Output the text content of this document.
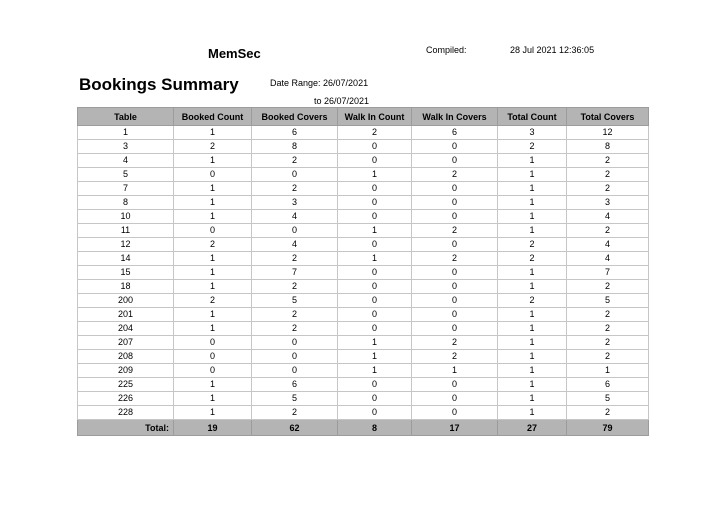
MemSec	Compiled:	28 Jul 2021 12:36:05
Bookings Summary	Date Range: 26/07/2021
to 26/07/2021
Table	Booked Count	Booked Covers	Walk In Count	Walk In Covers	Total Count	Total Covers
1	1	6	2	6	3	12
3	2	8	0	0	2	8
4	1	2	0	0	1	2
5	0	0	1	2	1	2
7	1	2	0	0	1	2
8	1	3	0	0	1	3
10	1	4	0	0	1	4
11	0	0	1	2	1	2
12	2	4	0	0	2	4
14	1	2	1	2	2	4
15	1	7	0	0	1	7
18	1	2	0	0	1	2
200	2	5	0	0	2	5
201	1	2	0	0	1	2
204	1	2	0	0	1	2
207	0	0	1	2	1	2
208	0	0	1	2	1	2
209	0	0	1	1	1	1
225	1	6	0	0	1	6
226	1	5	0	0	1	5
228	1	2	0	0	1	2
Total:	19	62	8	17	27	79
